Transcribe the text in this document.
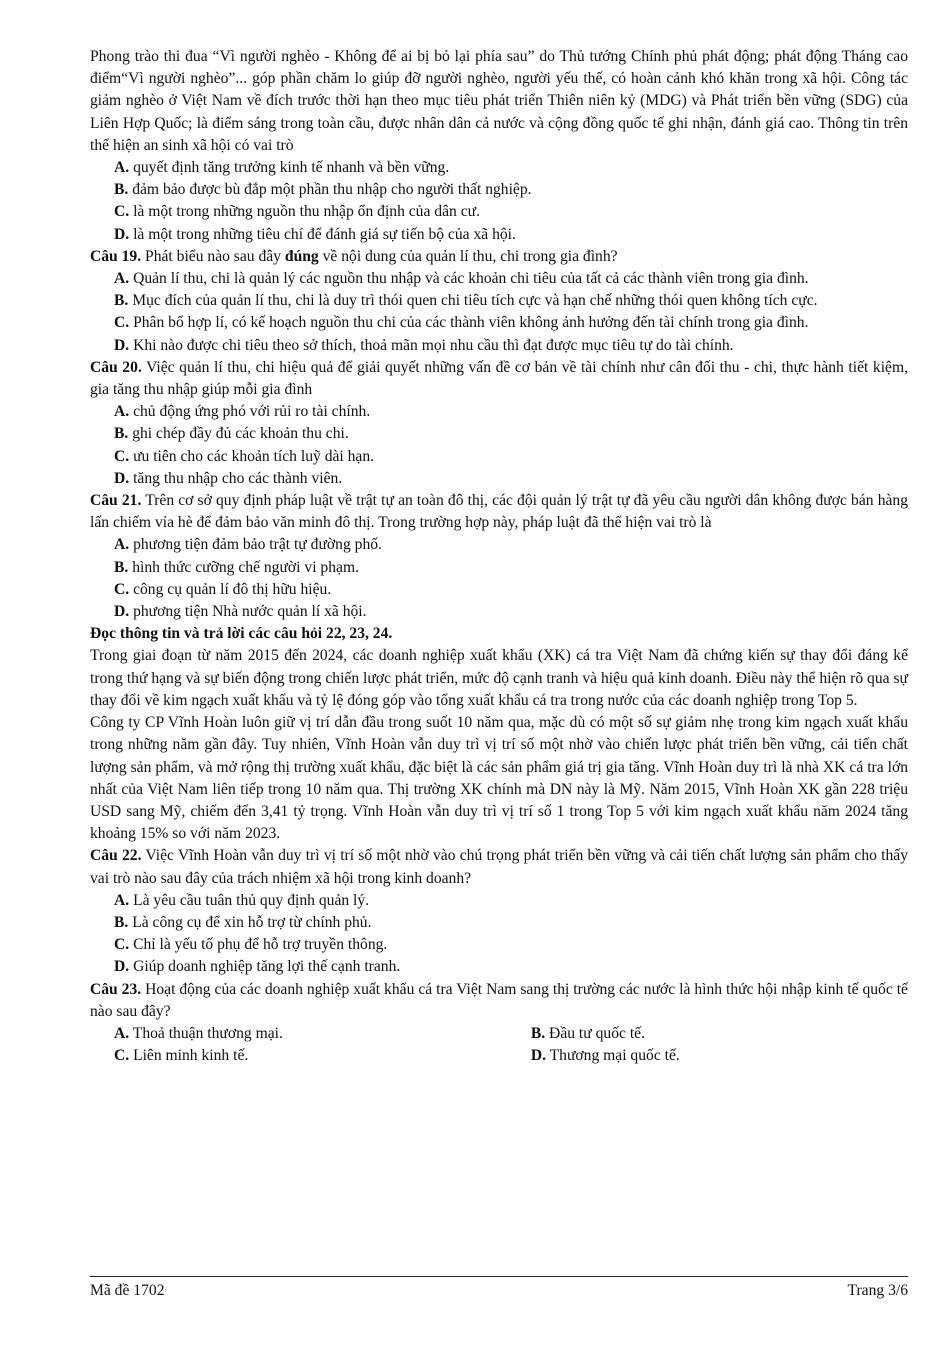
Phong trào thi đua “Vì người nghèo - Không để ai bị bỏ lại phía sau” do Thủ tướng Chính phủ phát động; phát động Tháng cao điểm“Vì người nghèo”... góp phần chăm lo giúp đỡ người nghèo, người yếu thế, có hoàn cảnh khó khăn trong xã hội. Công tác giảm nghèo ở Việt Nam về đích trước thời hạn theo mục tiêu phát triển Thiên niên kỷ (MDG) và Phát triển bền vững (SDG) của Liên Hợp Quốc; là điểm sáng trong toàn cầu, được nhân dân cả nước và cộng đồng quốc tế ghi nhận, đánh giá cao. Thông tin trên thể hiện an sinh xã hội có vai trò

A. quyết định tăng trưởng kinh tế nhanh và bền vững.
B. đảm bảo được bù đắp một phần thu nhập cho người thất nghiệp.
C. là một trong những nguồn thu nhập ổn định của dân cư.
D. là một trong những tiêu chí để đánh giá sự tiến bộ của xã hội.

Câu 19. Phát biểu nào sau đây đúng về nội dung của quản lí thu, chi trong gia đình?

A. Quản lí thu, chi là quản lý các nguồn thu nhập và các khoản chi tiêu của tất cả các thành viên trong gia đình.

B. Mục đích của quản lí thu, chi là duy trì thói quen chi tiêu tích cực và hạn chế những thói quen không tích cực.

C. Phân bổ hợp lí, có kế hoạch nguồn thu chi của các thành viên không ảnh hưởng đến tài chính trong gia đình.

D. Khi nào được chi tiêu theo sở thích, thoả mãn mọi nhu cầu thì đạt được mục tiêu tự do tài chính.

Câu 20. Việc quản lí thu, chi hiệu quả để giải quyết những vấn đề cơ bản về tài chính như cân đối thu - chi, thực hành tiết kiệm, gia tăng thu nhập giúp mỗi gia đình

A. chủ động ứng phó với rủi ro tài chính.
B. ghi chép đầy đủ các khoản thu chi.
C. ưu tiên cho các khoản tích luỹ dài hạn.
D. tăng thu nhập cho các thành viên.

Câu 21. Trên cơ sở quy định pháp luật về trật tự an toàn đô thị, các đội quản lý trật tự đã yêu cầu người dân không được bán hàng lấn chiếm vỉa hè để đảm bảo văn minh đô thị. Trong trường hợp này, pháp luật đã thể hiện vai trò là

A. phương tiện đảm bảo trật tự đường phố.
B. hình thức cưỡng chế người vi phạm.
C. công cụ quản lí đô thị hữu hiệu.
D. phương tiện Nhà nước quản lí xã hội.

Đọc thông tin và trả lời các câu hỏi 22, 23, 24.

Trong giai đoạn từ năm 2015 đến 2024, các doanh nghiệp xuất khẩu (XK) cá tra Việt Nam đã chứng kiến sự thay đổi đáng kể trong thứ hạng và sự biến động trong chiến lược phát triển, mức độ cạnh tranh và hiệu quả kinh doanh. Điều này thể hiện rõ qua sự thay đổi về kim ngạch xuất khẩu và tỷ lệ đóng góp vào tổng xuất khẩu cá tra trong nước của các doanh nghiệp trong Top 5.

Công ty CP Vĩnh Hoàn luôn giữ vị trí dẫn đầu trong suốt 10 năm qua, mặc dù có một số sự giảm nhẹ trong kim ngạch xuất khẩu trong những năm gần đây. Tuy nhiên, Vĩnh Hoàn vẫn duy trì vị trí số một nhờ vào chiến lược phát triển bền vững, cải tiến chất lượng sản phẩm, và mở rộng thị trường xuất khẩu, đặc biệt là các sản phẩm giá trị gia tăng. Vĩnh Hoàn duy trì là nhà XK cá tra lớn nhất của Việt Nam liên tiếp trong 10 năm qua. Thị trường XK chính mà DN này là Mỹ. Năm 2015, Vĩnh Hoàn XK gần 228 triệu USD sang Mỹ, chiếm đến 3,41 tỷ trọng. Vĩnh Hoàn vẫn duy trì vị trí số 1 trong Top 5 với kim ngạch xuất khẩu năm 2024 tăng khoảng 15% so với năm 2023.

Câu 22. Việc Vĩnh Hoàn vẫn duy trì vị trí số một nhờ vào chú trọng phát triển bền vững và cải tiến chất lượng sản phẩm cho thấy vai trò nào sau đây của trách nhiệm xã hội trong kinh doanh?

A. Là yêu cầu tuân thủ quy định quản lý.
B. Là công cụ để xin hỗ trợ từ chính phủ.
C. Chỉ là yếu tố phụ để hỗ trợ truyền thông.
D. Giúp doanh nghiệp tăng lợi thế cạnh tranh.

Câu 23. Hoạt động của các doanh nghiệp xuất khẩu cá tra Việt Nam sang thị trường các nước là hình thức hội nhập kinh tế quốc tế nào sau đây?

A. Thoả thuận thương mại.	B. Đầu tư quốc tế.
C. Liên minh kinh tế.	D. Thương mại quốc tế.
Mã đề 1702	Trang 3/6
